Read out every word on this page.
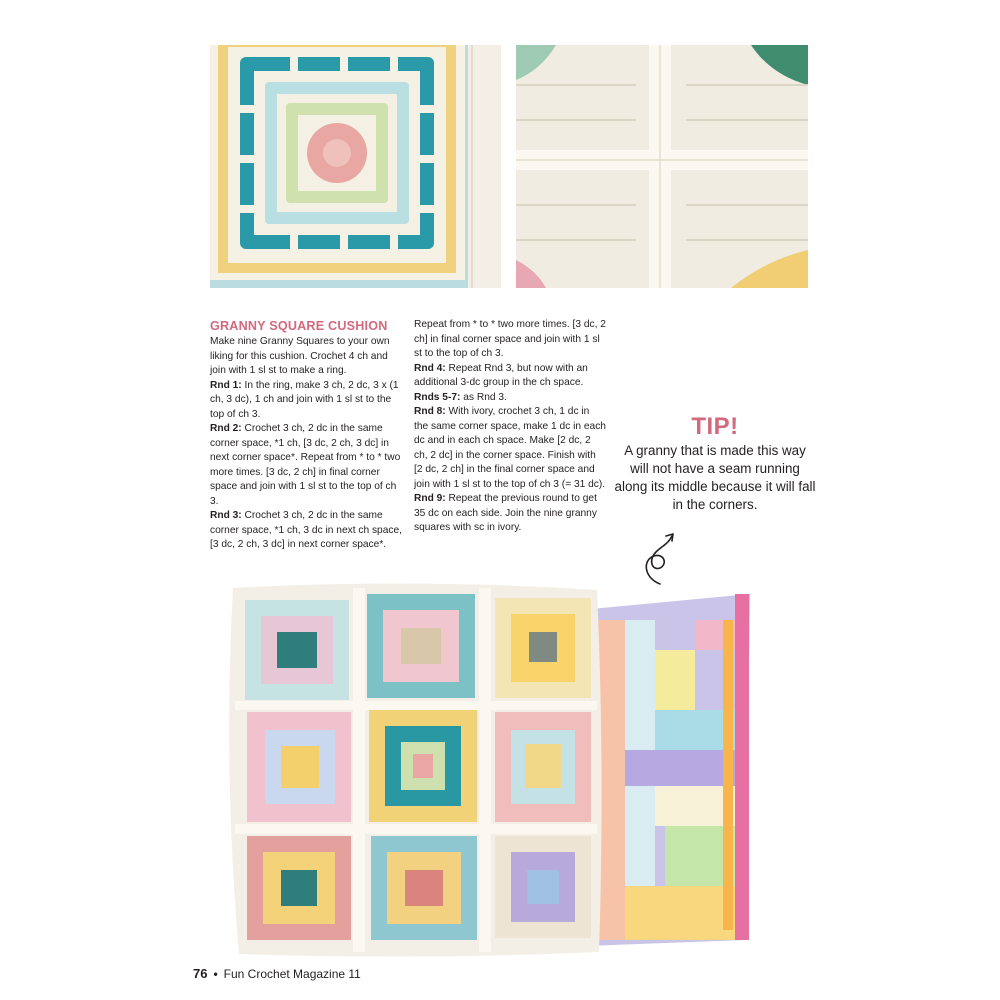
GRANNY SQUARE CUSHION

Make nine Granny Squares to your own liking for this cushion. Crochet 4 ch and join with 1 sl st to make a ring.

Rnd 1: In the ring, make 3 ch, 2 dc, 3 x (1 ch, 3 dc), 1 ch and join with 1 sl st to the top of ch 3.

Rnd 2: Crochet 3 ch, 2 dc in the same corner space, *1 ch, [3 dc, 2 ch, 3 dc] in next corner space*. Repeat from * to * two more times. [3 dc, 2 ch] in final corner space and join with 1 sl st to the top of ch 3.

Rnd 3: Crochet 3 ch, 2 dc in the same corner space, *1 ch, 3 dc in next ch space, [3 dc, 2 ch, 3 dc] in next corner space*.

Repeat from * to * two more times. [3 dc, 2 ch] in final corner space and join with 1 sl st to the top of ch 3.

Rnd 4: Repeat Rnd 3, but now with an additional 3-dc group in the ch space.

Rnds 5-7: as Rnd 3.

Rnd 8: With ivory, crochet 3 ch, 1 dc in the same corner space, make 1 dc in each dc and in each ch space. Make [2 dc, 2 ch, 2 dc] in the corner space. Finish with [2 dc, 2 ch] in the final corner space and join with 1 sl st to the top of ch 3 (= 31 dc).

Rnd 9: Repeat the previous round to get 35 dc on each side. Join the nine granny squares with sc in ivory.

TIP!
A granny that is made this way will not have a seam running along its middle because it will fall in the corners.
76 • Fun Crochet Magazine 11
